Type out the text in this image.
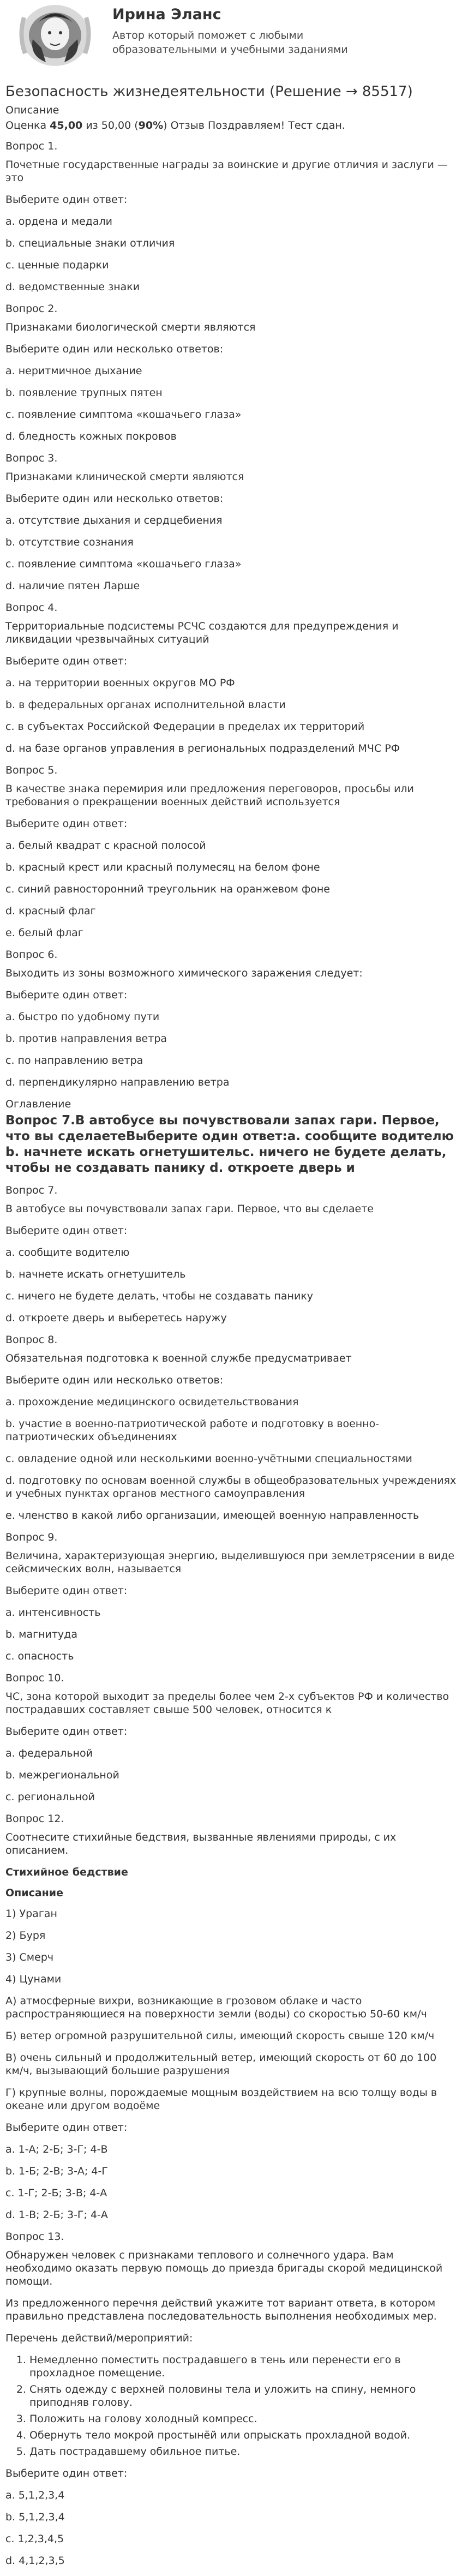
Ирина Эланс
Автор который поможет с любыми образовательными и учебными заданиями
Безопасность жизнедеятельности (Решение → 85517)
Описание
Оценка 45,00 из 50,00 (90%) Отзыв Поздравляем! Тест сдан.
Вопрос 1.
Почетные государственные награды за воинские и другие отличия и заслуги — это
Выберите один ответ:
a. ордена и медали
b. специальные знаки отличия
c. ценные подарки
d. ведомственные знаки
Вопрос 2.
Признаками биологической смерти являются
Выберите один или несколько ответов:
a. неритмичное дыхание
b. появление трупных пятен
c. появление симптома «кошачьего глаза»
d. бледность кожных покровов
Вопрос 3.
Признаками клинической смерти являются
Выберите один или несколько ответов:
a. отсутствие дыхания и сердцебиения
b. отсутствие сознания
c. появление симптома «кошачьего глаза»
d. наличие пятен Ларше
Вопрос 4.
Территориальные подсистемы РСЧС создаются для предупреждения и ликвидации чрезвычайных ситуаций
Выберите один ответ:
a. на территории военных округов МО РФ
b. в федеральных органах исполнительной власти
c. в субъектах Российской Федерации в пределах их территорий
d. на базе органов управления в региональных подразделений МЧС РФ
Вопрос 5.
В качестве знака перемирия или предложения переговоров, просьбы или требования о прекращении военных действий используется
Выберите один ответ:
a. белый квадрат с красной полосой
b. красный крест или красный полумесяц на белом фоне
c. синий равносторонний треугольник на оранжевом фоне
d. красный флаг
e. белый флаг
Вопрос 6.
Выходить из зоны возможного химического заражения следует:
Выберите один ответ:
a. быстро по удобному пути
b. против направления ветра
c. по направлению ветра
d. перпендикулярно направлению ветра
Оглавление
Вопрос 7.В автобусе вы почувствовали запах гари. Первое, что вы сделаетеВыберите один ответ:a. сообщите водителю b. начнете искать огнетушительc. ничего не будете делать, чтобы не создавать панику d. откроете дверь и
Вопрос 7.
В автобусе вы почувствовали запах гари. Первое, что вы сделаете
Выберите один ответ:
a. сообщите водителю
b. начнете искать огнетушитель
c. ничего не будете делать, чтобы не создавать панику
d. откроете дверь и выберетесь наружу
Вопрос 8.
Обязательная подготовка к военной службе предусматривает
Выберите один или несколько ответов:
a. прохождение медицинского освидетельствования
b. участие в военно-патриотической работе и подготовку в военно-патриотических объединениях
c. овладение одной или несколькими военно-учётными специальностями
d. подготовку по основам военной службы в общеобразовательных учреждениях и учебных пунктах органов местного самоуправления
e. членство в какой либо организации, имеющей военную направленность
Вопрос 9.
Величина, характеризующая энергию, выделившуюся при землетрясении в виде сейсмических волн, называется
Выберите один ответ:
a. интенсивность
b. магнитуда
c. опасность
Вопрос 10.
ЧС, зона которой выходит за пределы более чем 2-х субъектов РФ и количество пострадавших составляет свыше 500 человек, относится к
Выберите один ответ:
a. федеральной
b. межрегиональной
c. региональной
Вопрос 12.
Соотнесите стихийные бедствия, вызванные явлениями природы, с их описанием.
Стихийное бедствие
Описание
1) Ураган
2) Буря
3) Смерч
4) Цунами
А) атмосферные вихри, возникающие в грозовом облаке и часто распространяющиеся на поверхности земли (воды) со скоростью 50-60 км/ч
Б) ветер огромной разрушительной силы, имеющий скорость свыше 120 км/ч
В) очень сильный и продолжительный ветер, имеющий скорость от 60 до 100 км/ч, вызывающий большие разрушения
Г) крупные волны, порождаемые мощным воздействием на всю толщу воды в океане или другом водоёме
Выберите один ответ:
a. 1-А; 2-Б; 3-Г; 4-В
b. 1-Б; 2-В; 3-А; 4-Г
c. 1-Г; 2-Б; 3-В; 4-А
d. 1-В; 2-Б; 3-Г; 4-А
Вопрос 13.
Обнаружен человек с признаками теплового и солнечного удара. Вам необходимо оказать первую помощь до приезда бригады скорой медицинской помощи.
Из предложенного перечня действий укажите тот вариант ответа, в котором правильно представлена последовательность выполнения необходимых мер.
Перечень действий/мероприятий:
1. Немедленно поместить пострадавшего в тень или перенести его в прохладное помещение.
2. Снять одежду с верхней половины тела и уложить на спину, немного приподняв голову.
3. Положить на голову холодный компресс.
4. Обернуть тело мокрой простынёй или опрыскать прохладной водой.
5. Дать пострадавшему обильное питье.
Выберите один ответ:
a. 5,1,2,3,4
b. 5,1,2,3,4
c. 1,2,3,4,5
d. 4,1,2,3,5
